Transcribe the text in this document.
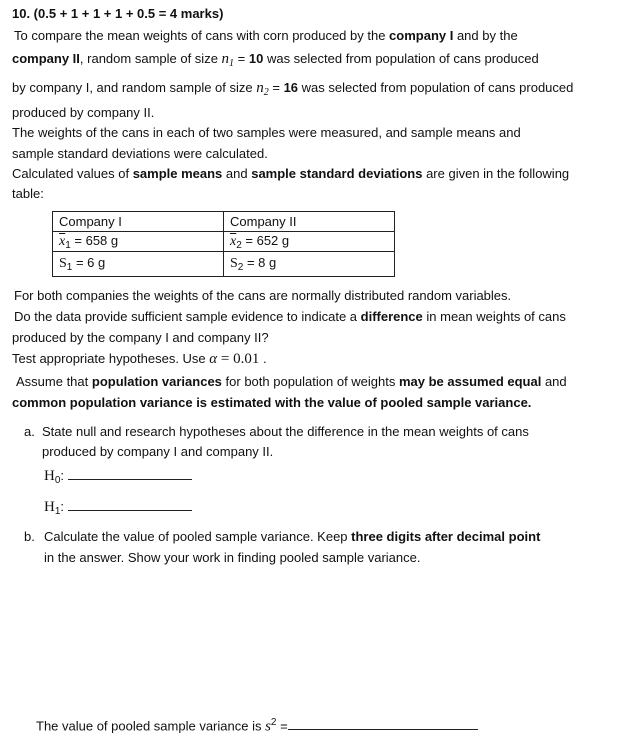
10. (0.5 + 1 + 1 + 1 + 0.5 = 4 marks)
To compare the mean weights of cans with corn produced by the company I and by the
company II, random sample of size $n_1 = 10$ was selected from population of cans produced
by company I, and random sample of size $n_2 = 16$ was selected from population of cans produced
produced by company II.
The weights of the cans in each of two samples were measured, and sample means and
sample standard deviations were calculated.
Calculated values of sample means and sample standard deviations are given in the following
table:
Company I	Company II
$\overline{x}_1 = 658$ g	$\overline{x}_2 = 652$ g
$S_1 = 6$ g	$S_2 = 8$ g
For both companies the weights of the cans are normally distributed random variables.
Do the data provide sufficient sample evidence to indicate a difference in mean weights of cans
produced by the company I and company II?
Test appropriate hypotheses. Use α = 0.01 .
Assume that population variances for both population of weights may be assumed equal and
common population variance is estimated with the value of pooled sample variance.
a. State null and research hypotheses about the difference in the mean weights of cans
produced by company I and company II.
$H_0$:
$H_1$:
b. Calculate the value of pooled sample variance. Keep three digits after decimal point
in the answer. Show your work in finding pooled sample variance.
The value of pooled sample variance is $s^2$ =
